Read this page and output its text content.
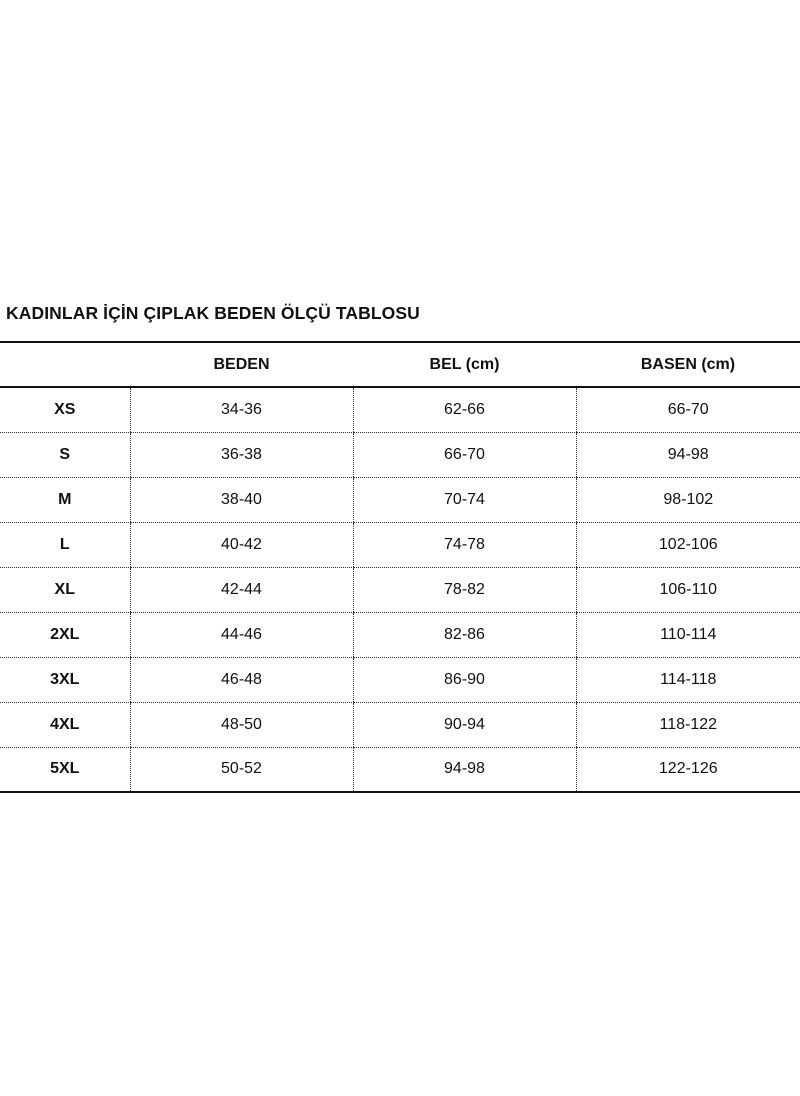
KADINLAR İÇİN ÇIPLAK BEDEN ÖLÇÜ TABLOSU
	BEDEN	BEL (cm)	BASEN (cm)
XS	34-36	62-66	66-70
S	36-38	66-70	94-98
M	38-40	70-74	98-102
L	40-42	74-78	102-106
XL	42-44	78-82	106-110
2XL	44-46	82-86	110-114
3XL	46-48	86-90	114-118
4XL	48-50	90-94	118-122
5XL	50-52	94-98	122-126
